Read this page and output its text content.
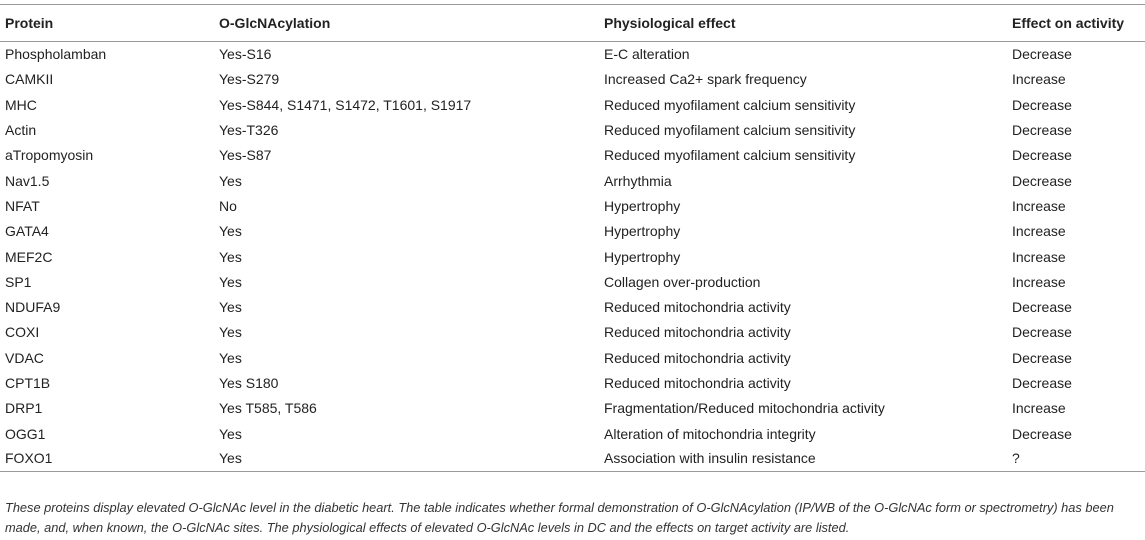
Protein	O-GlcNAcylation	Physiological effect	Effect on activity
Phospholamban	Yes-S16	E-C alteration	Decrease
CAMKII	Yes-S279	Increased Ca2+ spark frequency	Increase
MHC	Yes-S844, S1471, S1472, T1601, S1917	Reduced myofilament calcium sensitivity	Decrease
Actin	Yes-T326	Reduced myofilament calcium sensitivity	Decrease
aTropomyosin	Yes-S87	Reduced myofilament calcium sensitivity	Decrease
Nav1.5	Yes	Arrhythmia	Decrease
NFAT	No	Hypertrophy	Increase
GATA4	Yes	Hypertrophy	Increase
MEF2C	Yes	Hypertrophy	Increase
SP1	Yes	Collagen over-production	Increase
NDUFA9	Yes	Reduced mitochondria activity	Decrease
COXI	Yes	Reduced mitochondria activity	Decrease
VDAC	Yes	Reduced mitochondria activity	Decrease
CPT1B	Yes S180	Reduced mitochondria activity	Decrease
DRP1	Yes T585, T586	Fragmentation/Reduced mitochondria activity	Increase
OGG1	Yes	Alteration of mitochondria integrity	Decrease
FOXO1	Yes	Association with insulin resistance	?

These proteins display elevated O-GlcNAc level in the diabetic heart. The table indicates whether formal demonstration of O-GlcNAcylation (IP/WB of the O-GlcNAc form or spectrometry) has been made, and, when known, the O-GlcNAc sites. The physiological effects of elevated O-GlcNAc levels in DC and the effects on target activity are listed.
